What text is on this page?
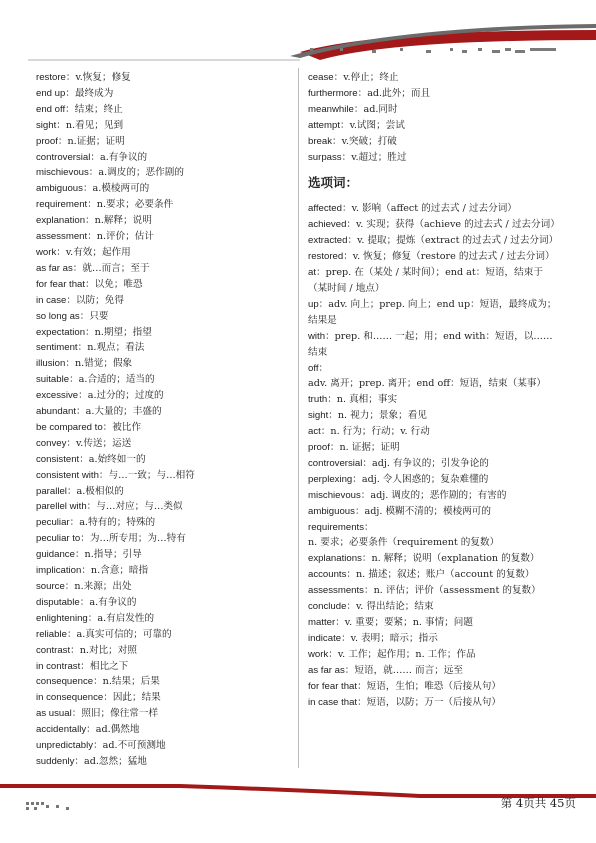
restore：v.恢复；修复
end up：最终成为
end off：结束；终止
sight：n.看见；见到
proof：n.证据；证明
controversial：a.有争议的
mischievous：a.调皮的；恶作剧的
ambiguous：a.模棱两可的
requirement：n.要求；必要条件
explanation：n.解释；说明
assessment：n.评价；估计
work：v.有效；起作用
as far as：就…而言；至于
for fear that：以免；唯恐
in case：以防；免得
so long as：只要
expectation：n.期望；指望
sentiment：n.观点；看法
illusion：n.错觉；假象
suitable：a.合适的；适当的
excessive：a.过分的；过度的
abundant：a.大量的；丰盛的
be compared to：被比作
convey：v.传送；运送
consistent：a.始终如一的
consistent with：与…一致；与…相符
parallel：a.极相似的
parellel with：与…对应；与…类似
peculiar：a.特有的；特殊的
peculiar to：为…所专用；为…特有
guidance：n.指导；引导
implication：n.含意；暗指
source：n.来源；出处
disputable：a.有争议的
enlightening：a.有启发性的
reliable：a.真实可信的；可靠的
contrast：n.对比；对照
in contrast：相比之下
consequence：n.结果；后果
in consequence：因此；结果
as usual：照旧；像往常一样
accidentally：ad.偶然地
unpredictably：ad.不可预测地
suddenly：ad.忽然；猛地
cease：v.停止；终止
furthermore：ad.此外；而且
meanwhile：ad.同时
attempt：v.试图；尝试
break：v.突破；打破
surpass：v.超过；胜过
选项词：
affected：v. 影响（affect 的过去式 / 过去分词）
achieved：v. 实现；获得（achieve 的过去式 / 过去分词）
extracted：v. 提取；提炼（extract 的过去式 / 过去分词）
restored：v. 恢复；修复（restore 的过去式 / 过去分词）
at：prep. 在（某处 / 某时间）；end at：短语，结束于（某时间 / 地点）
up：adv. 向上；prep. 向上；end up：短语，最终成为；结果是
with：prep. 和…… 一起；用；end with：短语，以……结束
off：adv. 离开；prep. 离开；end off：短语，结束（某事）
truth：n. 真相；事实
sight：n. 视力；景象；看见
act：n. 行为；行动；v. 行动
proof：n. 证据；证明
controversial：adj. 有争议的；引发争论的
perplexing：adj. 令人困惑的；复杂难懂的
mischievous：adj. 调皮的；恶作剧的；有害的
ambiguous：adj. 模糊不清的；模棱两可的
requirements：n. 要求；必要条件（requirement 的复数）
explanations：n. 解释；说明（explanation 的复数）
accounts：n. 描述；叙述；账户（account 的复数）
assessments：n. 评估；评价（assessment 的复数）
conclude：v. 得出结论；结束
matter：v. 重要；要紧；n. 事情；问题
indicate：v. 表明；暗示；指示
work：v. 工作；起作用；n. 工作；作品
as far as：短语，就…… 而言；远至
for fear that：短语，生怕；唯恐（后接从句）
in case that：短语，以防；万一（后接从句）
第 4页共 45页
